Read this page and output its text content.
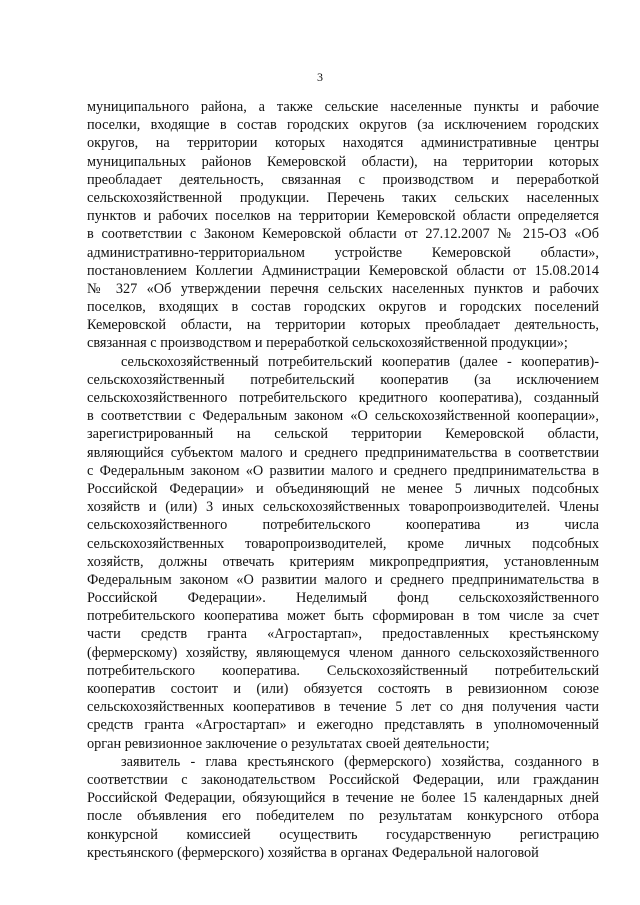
3
муниципального района, а также сельские населенные пункты и рабочие
поселки, входящие в состав городских округов (за исключением городских
округов, на территории которых находятся административные центры
муниципальных районов Кемеровской области), на территории которых
преобладает деятельность, связанная с производством и переработкой
сельскохозяйственной продукции. Перечень таких сельских населенных
пунктов и рабочих поселков на территории Кемеровской области определяется
в соответствии с Законом Кемеровской области от 27.12.2007 № 215-ОЗ «Об
административно-территориальном устройстве Кемеровской области»,
постановлением Коллегии Администрации Кемеровской области от 15.08.2014
№ 327 «Об утверждении перечня сельских населенных пунктов и рабочих
поселков, входящих в состав городских округов и городских поселений
Кемеровской области, на территории которых преобладает деятельность,
связанная с производством и переработкой сельскохозяйственной продукции»;
сельскохозяйственный потребительский кооператив (далее - кооператив)-
сельскохозяйственный потребительский кооператив (за исключением
сельскохозяйственного потребительского кредитного кооператива), созданный
в соответствии с Федеральным законом «О сельскохозяйственной кооперации»,
зарегистрированный на сельской территории Кемеровской области,
являющийся субъектом малого и среднего предпринимательства в соответствии
с Федеральным законом «О развитии малого и среднего предпринимательства в
Российской Федерации» и объединяющий не менее 5 личных подсобных
хозяйств и (или) 3 иных сельскохозяйственных товаропроизводителей. Члены
сельскохозяйственного потребительского кооператива из числа
сельскохозяйственных товаропроизводителей, кроме личных подсобных
хозяйств, должны отвечать критериям микропредприятия, установленным
Федеральным законом «О развитии малого и среднего предпринимательства в
Российской Федерации». Неделимый фонд сельскохозяйственного
потребительского кооператива может быть сформирован в том числе за счет
части средств гранта «Агростартап», предоставленных крестьянскому
(фермерскому) хозяйству, являющемуся членом данного сельскохозяйственного
потребительского кооператива. Сельскохозяйственный потребительский
кооператив состоит и (или) обязуется состоять в ревизионном союзе
сельскохозяйственных кооперативов в течение 5 лет со дня получения части
средств гранта «Агростартап» и ежегодно представлять в уполномоченный
орган ревизионное заключение о результатах своей деятельности;
заявитель - глава крестьянского (фермерского) хозяйства, созданного в
соответствии с законодательством Российской Федерации, или гражданин
Российской Федерации, обязующийся в течение не более 15 календарных дней
после объявления его победителем по результатам конкурсного отбора
конкурсной комиссией осуществить государственную регистрацию
крестьянского (фермерского) хозяйства в органах Федеральной налоговой
